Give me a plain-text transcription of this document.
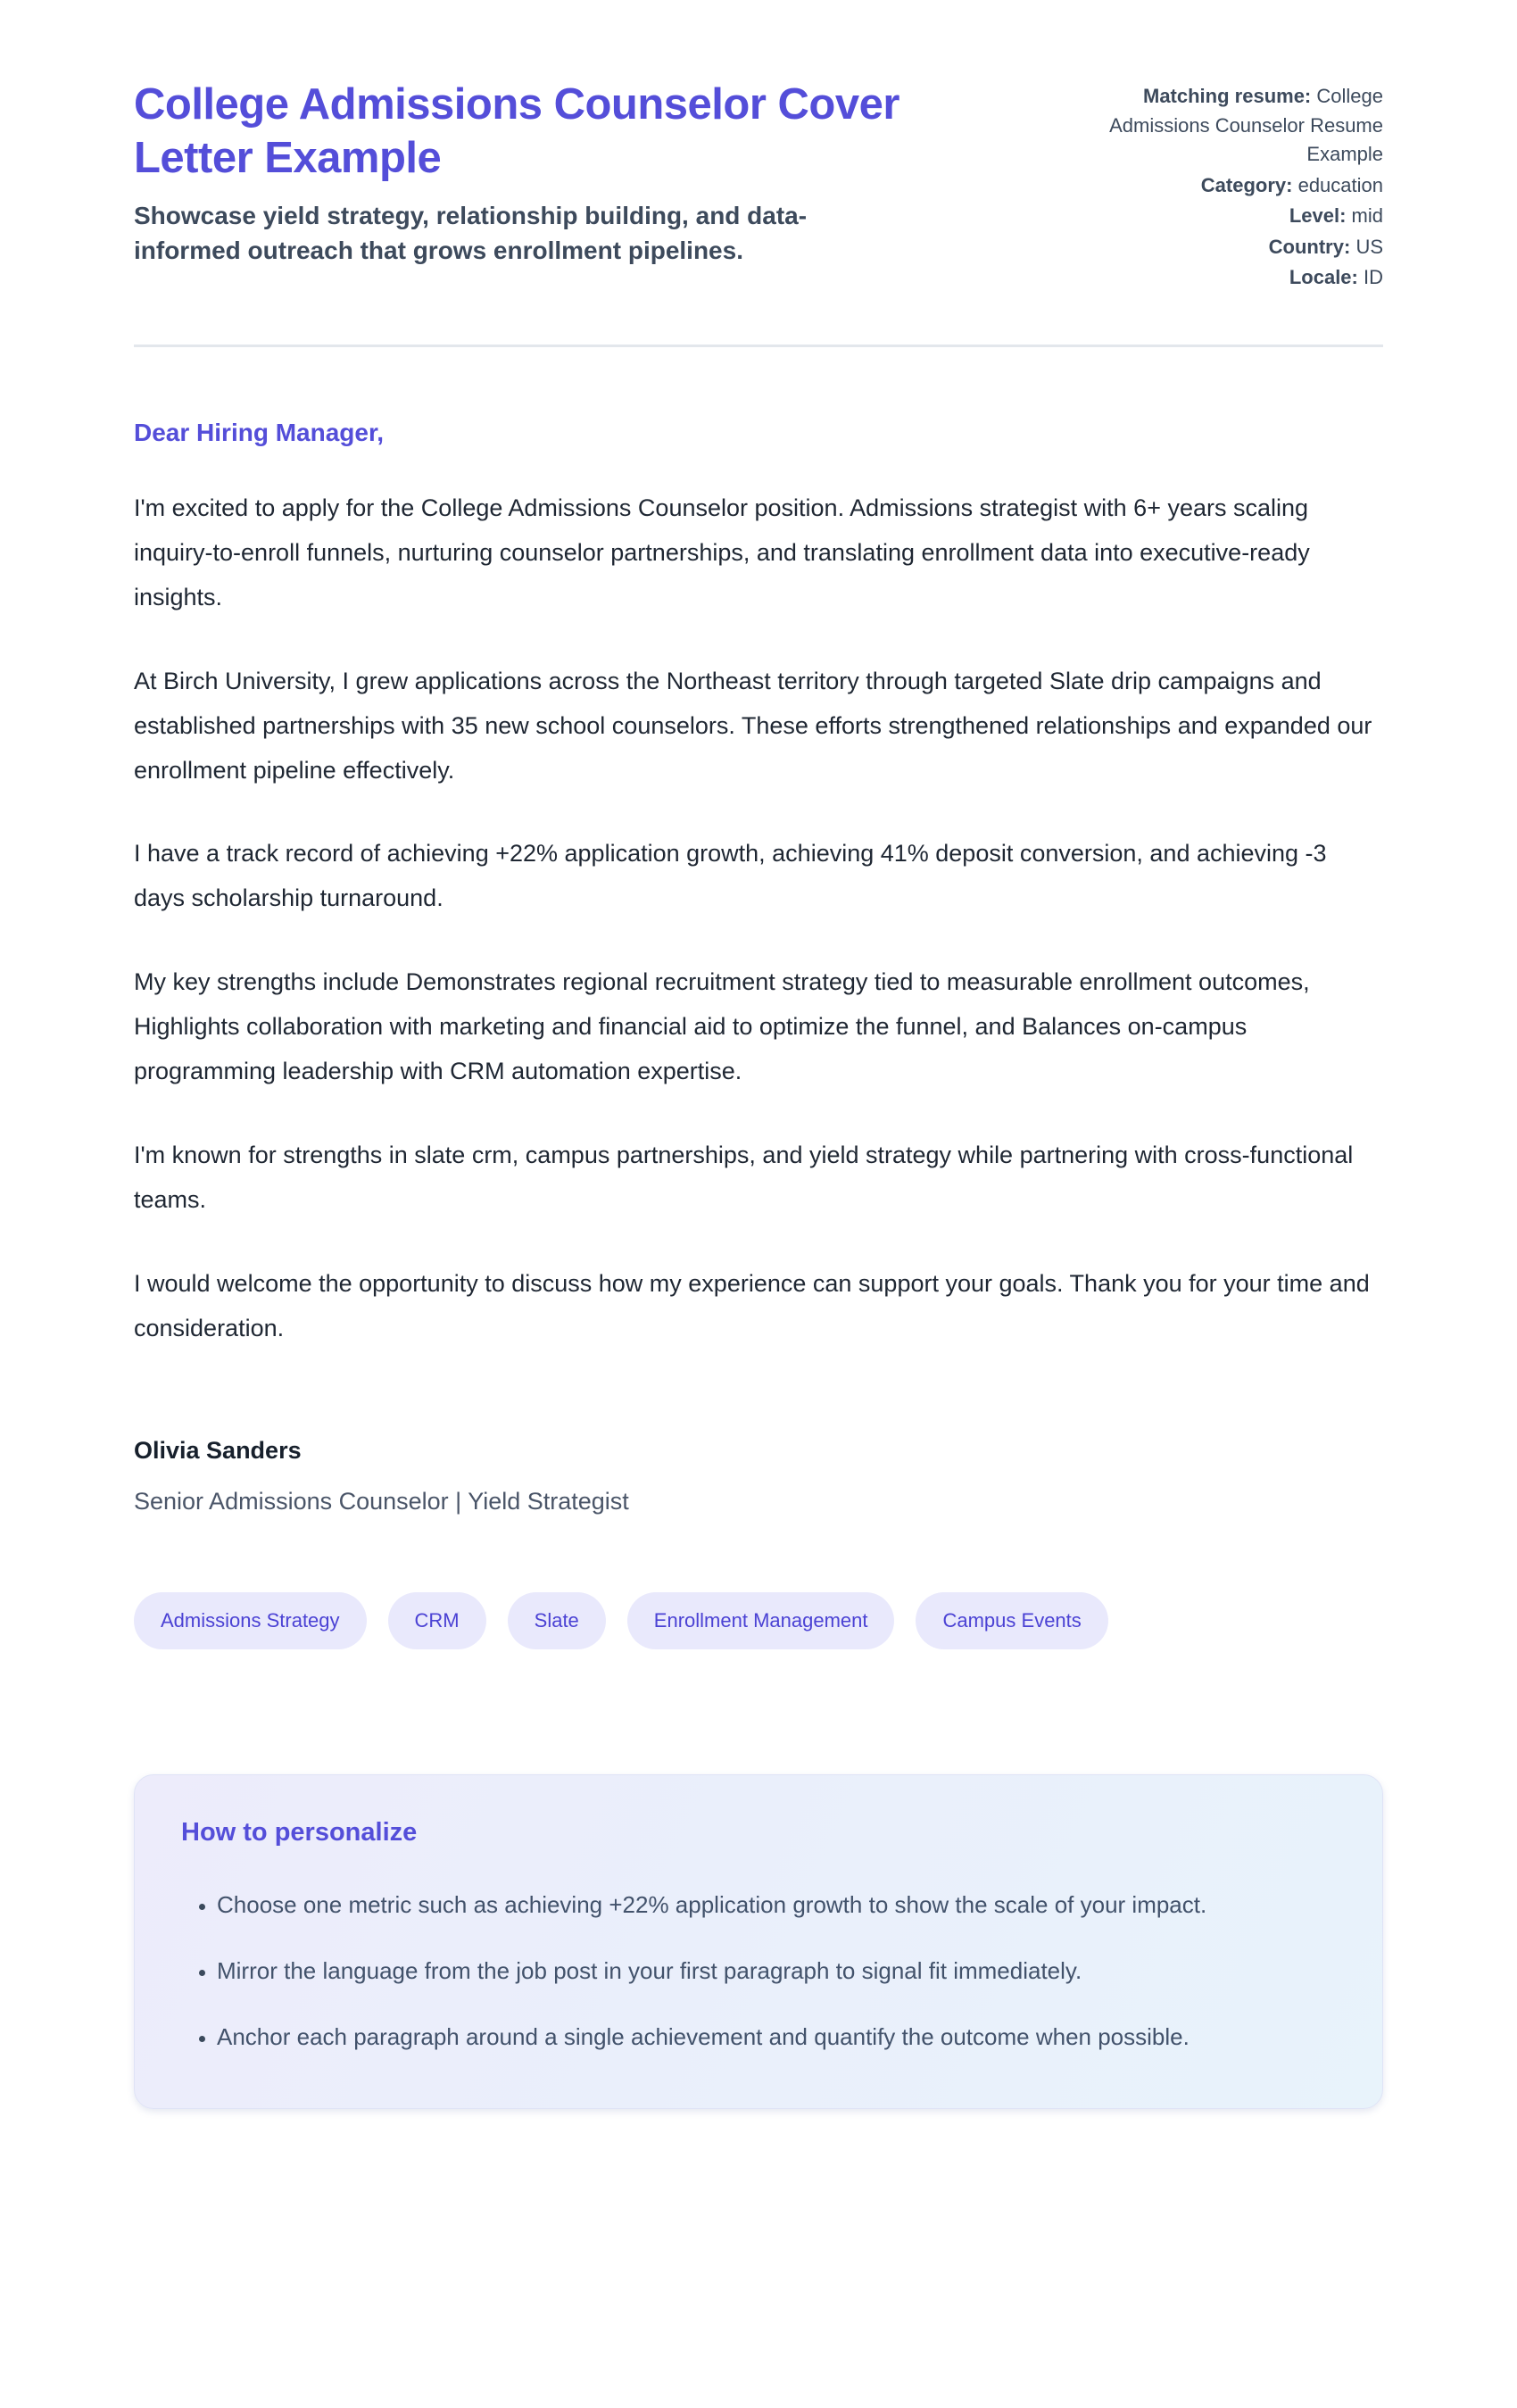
College Admissions Counselor Cover Letter Example
Showcase yield strategy, relationship building, and data-informed outreach that grows enrollment pipelines.
Matching resume: College Admissions Counselor Resume Example
Category: education
Level: mid
Country: US
Locale: ID
Dear Hiring Manager,

I'm excited to apply for the College Admissions Counselor position. Admissions strategist with 6+ years scaling inquiry-to-enroll funnels, nurturing counselor partnerships, and translating enrollment data into executive-ready insights.

At Birch University, I grew applications across the Northeast territory through targeted Slate drip campaigns and established partnerships with 35 new school counselors. These efforts strengthened relationships and expanded our enrollment pipeline effectively.

I have a track record of achieving +22% application growth, achieving 41% deposit conversion, and achieving -3 days scholarship turnaround.

My key strengths include Demonstrates regional recruitment strategy tied to measurable enrollment outcomes, Highlights collaboration with marketing and financial aid to optimize the funnel, and Balances on-campus programming leadership with CRM automation expertise.

I'm known for strengths in slate crm, campus partnerships, and yield strategy while partnering with cross-functional teams.

I would welcome the opportunity to discuss how my experience can support your goals. Thank you for your time and consideration.

Olivia Sanders
Senior Admissions Counselor | Yield Strategist
Admissions Strategy	CRM	Slate	Enrollment Management	Campus Events
How to personalize
• Choose one metric such as achieving +22% application growth to show the scale of your impact.
• Mirror the language from the job post in your first paragraph to signal fit immediately.
• Anchor each paragraph around a single achievement and quantify the outcome when possible.
